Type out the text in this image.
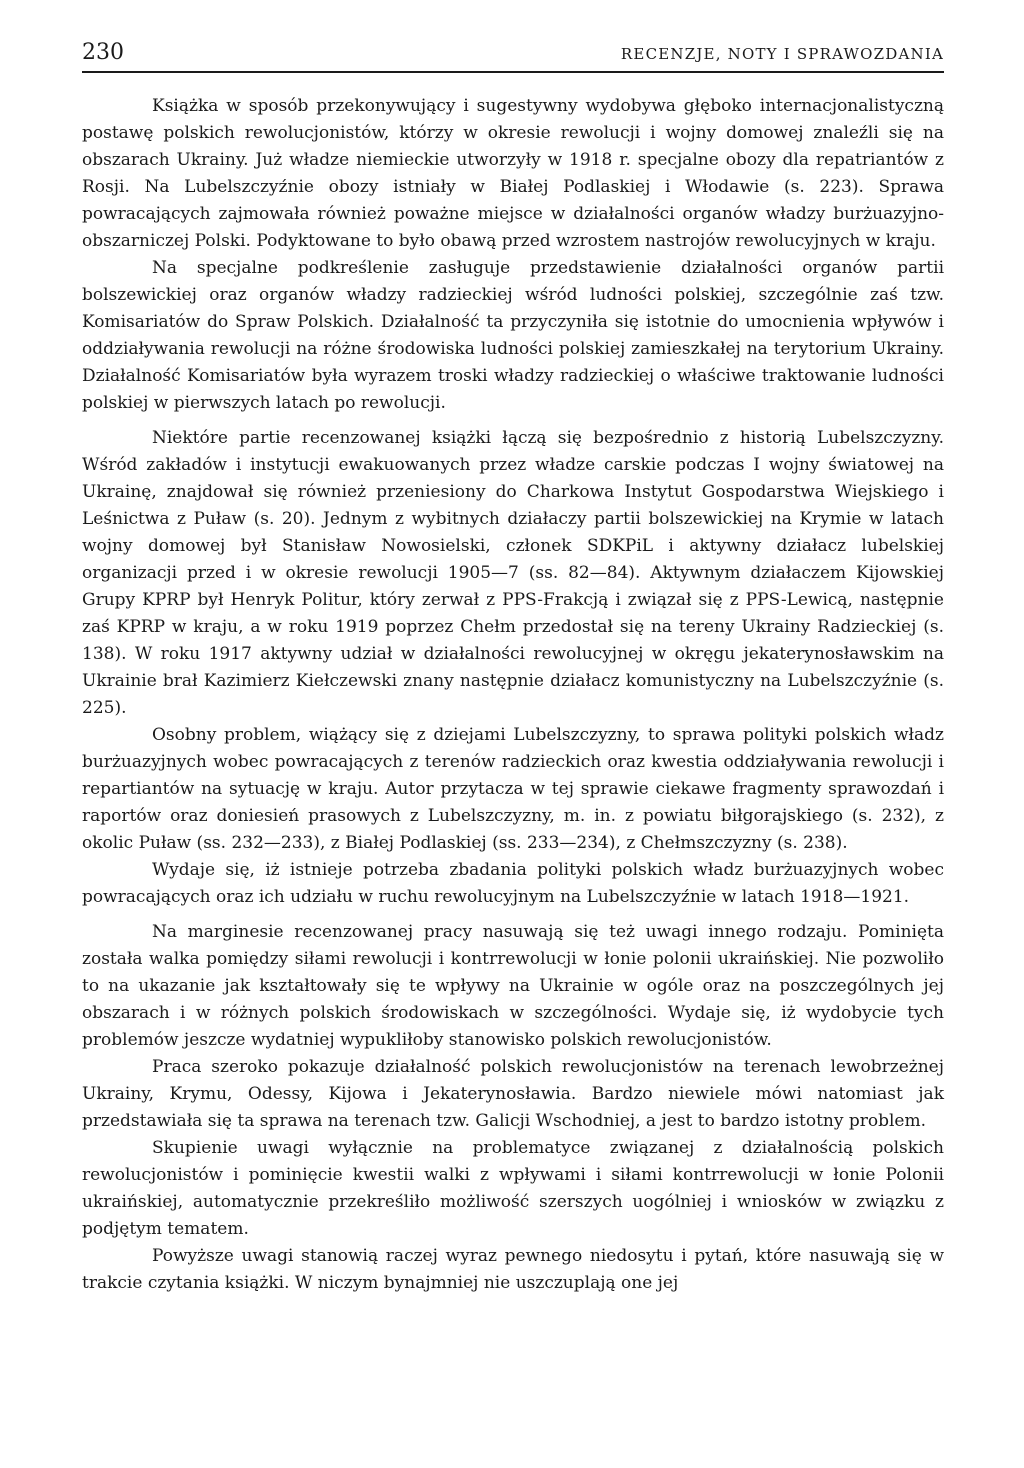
230	RECENZJE, NOTY I SPRAWOZDANIA

Książka w sposób przekonywujący i sugestywny wydobywa głęboko internacjonalistyczną postawę polskich rewolucjonistów, którzy w okresie rewolucji i wojny domowej znaleźli się na obszarach Ukrainy. Już władze niemieckie utworzyły w 1918 r. specjalne obozy dla repatriantów z Rosji. Na Lubelszczyźnie obozy istniały w Białej Podlaskiej i Włodawie (s. 223). Sprawa powracających zajmowała również poważne miejsce w działalności organów władzy burżuazyjno-obszarniczej Polski. Podyktowane to było obawą przed wzrostem nastrojów rewolucyjnych w kraju.

Na specjalne podkreślenie zasługuje przedstawienie działalności organów partii bolszewickiej oraz organów władzy radzieckiej wśród ludności polskiej, szczególnie zaś tzw. Komisariatów do Spraw Polskich. Działalność ta przyczyniła się istotnie do umocnienia wpływów i oddziaływania rewolucji na różne środowiska ludności polskiej zamieszkałej na terytorium Ukrainy. Działalność Komisariatów była wyrazem troski władzy radzieckiej o właściwe traktowanie ludności polskiej w pierwszych latach po rewolucji.

Niektóre partie recenzowanej książki łączą się bezpośrednio z historią Lubelszczyzny. Wśród zakładów i instytucji ewakuowanych przez władze carskie podczas I wojny światowej na Ukrainę, znajdował się również przeniesiony do Charkowa Instytut Gospodarstwa Wiejskiego i Leśnictwa z Puław (s. 20). Jednym z wybitnych działaczy partii bolszewickiej na Krymie w latach wojny domowej był Stanisław Nowosielski, członek SDKPiL i aktywny działacz lubelskiej organizacji przed i w okresie rewolucji 1905—7 (ss. 82—84). Aktywnym działaczem Kijowskiej Grupy KPRP był Henryk Politur, który zerwał z PPS-Frakcją i związał się z PPS-Lewicą, następnie zaś KPRP w kraju, a w roku 1919 poprzez Chełm przedostał się na tereny Ukrainy Radzieckiej (s. 138). W roku 1917 aktywny udział w działalności rewolucyjnej w okręgu jekaterynosławskim na Ukrainie brał Kazimierz Kiełczewski znany następnie działacz komunistyczny na Lubelszczyźnie (s. 225).

Osobny problem, wiążący się z dziejami Lubelszczyzny, to sprawa polityki polskich władz burżuazyjnych wobec powracających z terenów radzieckich oraz kwestia oddziaływania rewolucji i repartiantów na sytuację w kraju. Autor przytacza w tej sprawie ciekawe fragmenty sprawozdań i raportów oraz doniesień prasowych z Lubelszczyzny, m. in. z powiatu biłgorajskiego (s. 232), z okolic Puław (ss. 232—233), z Białej Podlaskiej (ss. 233—234), z Chełmszczyzny (s. 238).

Wydaje się, iż istnieje potrzeba zbadania polityki polskich władz burżuazyjnych wobec powracających oraz ich udziału w ruchu rewolucyjnym na Lubelszczyźnie w latach 1918—1921.

Na marginesie recenzowanej pracy nasuwają się też uwagi innego rodzaju. Pominięta została walka pomiędzy siłami rewolucji i kontrrewolucji w łonie polonii ukraińskiej. Nie pozwoliło to na ukazanie jak kształtowały się te wpływy na Ukrainie w ogóle oraz na poszczególnych jej obszarach i w różnych polskich środowiskach w szczególności. Wydaje się, iż wydobycie tych problemów jeszcze wydatniej wypukliłoby stanowisko polskich rewolucjonistów.

Praca szeroko pokazuje działalność polskich rewolucjonistów na terenach lewobrzeżnej Ukrainy, Krymu, Odessy, Kijowa i Jekaterynosławia. Bardzo niewiele mówi natomiast jak przedstawiała się ta sprawa na terenach tzw. Galicji Wschodniej, a jest to bardzo istotny problem.

Skupienie uwagi wyłącznie na problematyce związanej z działalnością polskich rewolucjonistów i pominięcie kwestii walki z wpływami i siłami kontrrewolucji w łonie Polonii ukraińskiej, automatycznie przekreśliło możliwość szerszych uogólniej i wniosków w związku z podjętym tematem.

Powyższe uwagi stanowią raczej wyraz pewnego niedosytu i pytań, które nasuwają się w trakcie czytania książki. W niczym bynajmniej nie uszczuplają one jej
